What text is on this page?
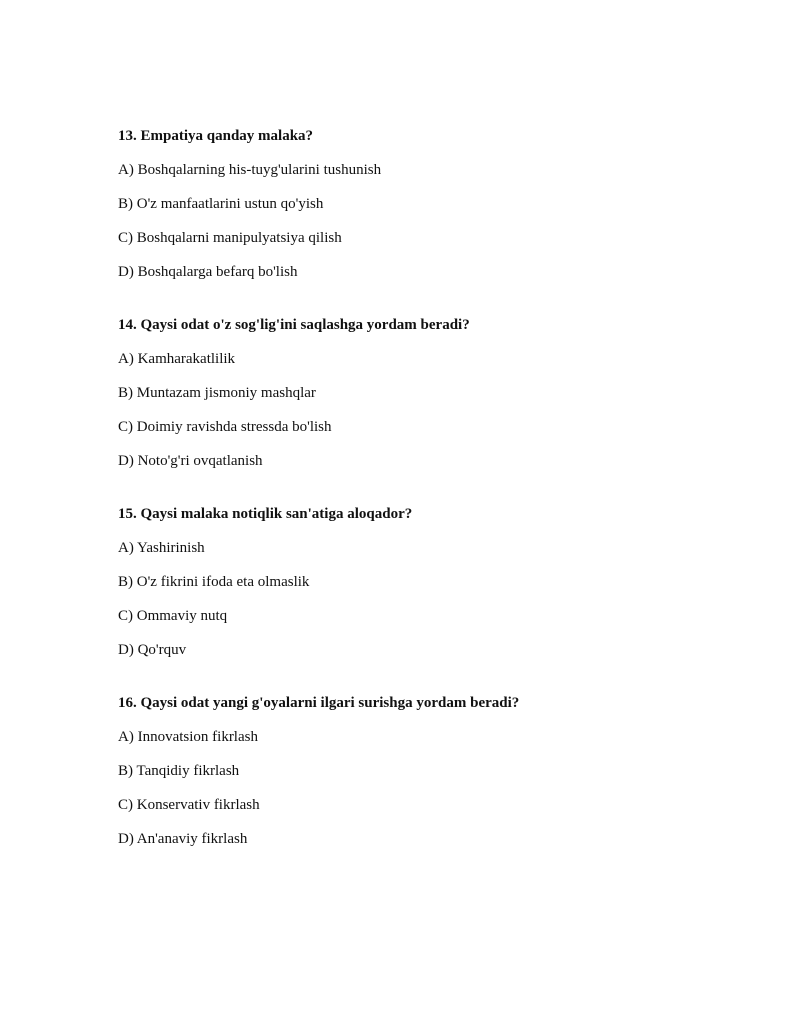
13. Empatiya qanday malaka?
A) Boshqalarning his-tuyg'ularini tushunish
B) O'z manfaatlarini ustun qo'yish
C) Boshqalarni manipulyatsiya qilish
D) Boshqalarga befarq bo'lish
14. Qaysi odat o'z sog'lig'ini saqlashga yordam beradi?
A) Kamharakatlilik
B) Muntazam jismoniy mashqlar
C) Doimiy ravishda stressda bo'lish
D) Noto'g'ri ovqatlanish
15. Qaysi malaka notiqlik san'atiga aloqador?
A) Yashirinish
B) O'z fikrini ifoda eta olmaslik
C) Ommaviy nutq
D) Qo'rquv
16. Qaysi odat yangi g'oyalarni ilgari surishga yordam beradi?
A) Innovatsion fikrlash
B) Tanqidiy fikrlash
C) Konservativ fikrlash
D) An'anaviy fikrlash
